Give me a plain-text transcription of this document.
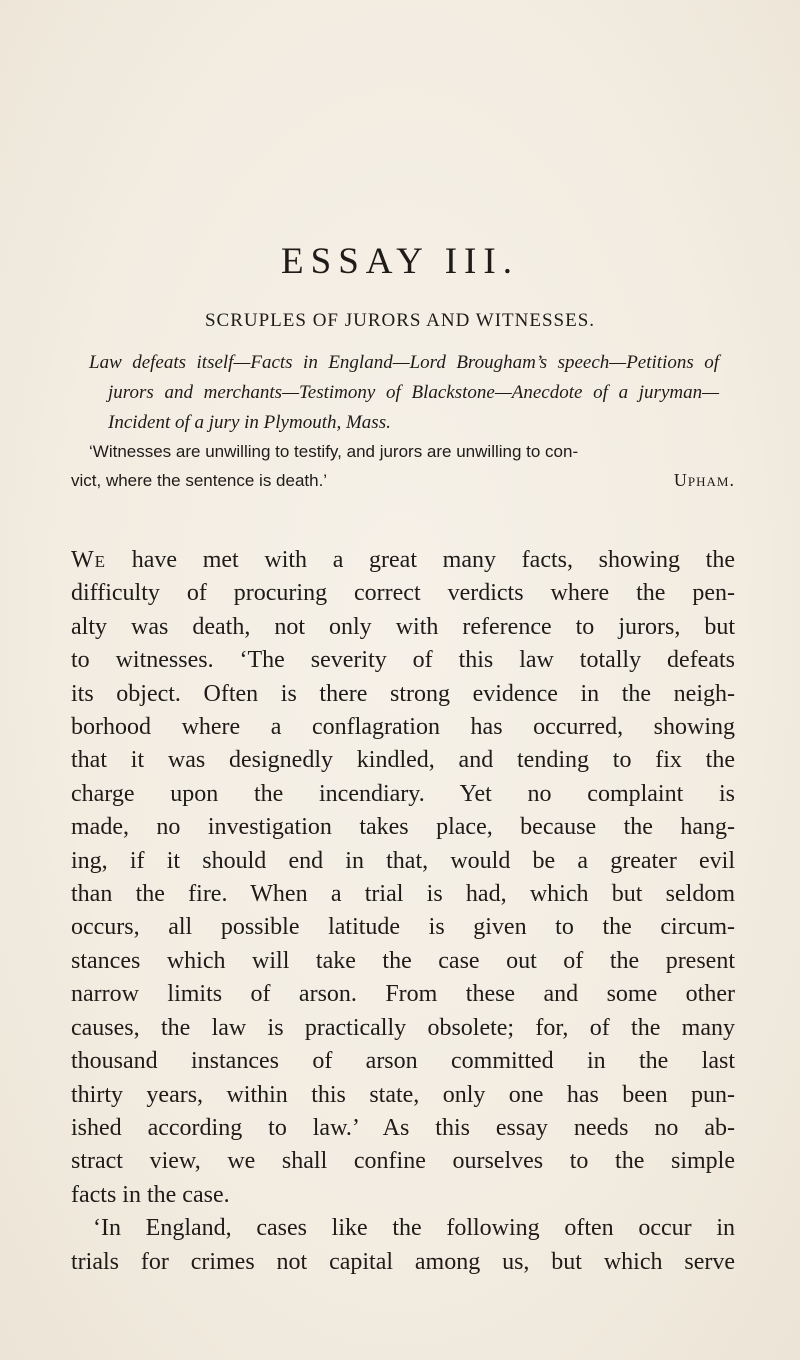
ESSAY III.
SCRUPLES OF JURORS AND WITNESSES.

Law defeats itself—Facts in England—Lord Brougham’s speech—Petitions of jurors and merchants—Testimony of Blackstone—Anecdote of a juryman—Incident of a jury in Plymouth, Mass.

‘Witnesses are unwilling to testify, and jurors are unwilling to con-
vict, where the sentence is death.’	Upham.
We have met with a great many facts, showing the
difficulty of procuring correct verdicts where the pen-
alty was death, not only with reference to jurors, but
to witnesses. ‘The severity of this law totally defeats
its object. Often is there strong evidence in the neigh-
borhood where a conflagration has occurred, showing
that it was designedly kindled, and tending to fix the
charge upon the incendiary. Yet no complaint is
made, no investigation takes place, because the hang-
ing, if it should end in that, would be a greater evil
than the fire. When a trial is had, which but seldom
occurs, all possible latitude is given to the circum-
stances which will take the case out of the present
narrow limits of arson. From these and some other
causes, the law is practically obsolete; for, of the many
thousand instances of arson committed in the last
thirty years, within this state, only one has been pun-
ished according to law.’ As this essay needs no ab-
stract view, we shall confine ourselves to the simple
facts in the case.
‘In England, cases like the following often occur in
trials for crimes not capital among us, but which serve
